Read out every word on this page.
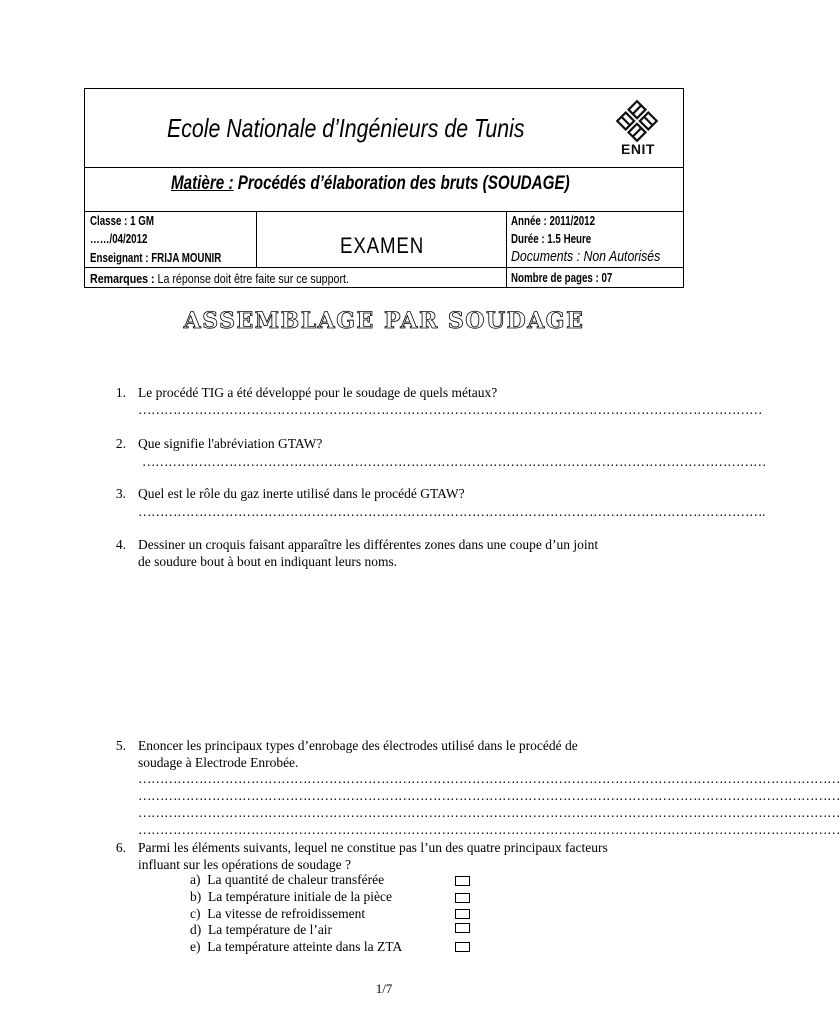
Ecole Nationale d’Ingénieurs de Tunis
ENIT
Matière : Procédés d’élaboration des bruts (SOUDAGE)
Classe : 1 GM
……/04/2012
Enseignant : FRIJA MOUNIR	EXAMEN
Année : 2011/2012
Durée : 1.5 Heure
Documents : Non Autorisés
Remarques : La réponse doit être faite sur ce support.	Nombre de pages : 07
ASSEMBLAGE PAR SOUDAGE
1. Le procédé TIG a été développé pour le soudage de quels métaux?
………………………………………………………………………………………………………………………………
2. Que signifie l'abréviation GTAW?
………………………………………………………………………………………………………………………………
3. Quel est le rôle du gaz inerte utilisé dans le procédé GTAW?
……………………………………………………………………………………………………………………………….
4. Dessiner un croquis faisant apparaître les différentes zones dans une coupe d’un joint
de soudure bout à bout en indiquant leurs noms.
5. Enoncer les principaux types d’enrobage des électrodes utilisé dans le procédé de
soudage à Electrode Enrobée.
………………………………………………………………………………………………………………………………………………
………………………………………………………………………………………………………………………………………………
………………………………………………………………………………………………………………………………………………
………………………………………………………………………………………………………………………………………………
6. Parmi les éléments suivants, lequel ne constitue pas l’un des quatre principaux facteurs
influant sur les opérations de soudage ?
a) La quantité de chaleur transférée
b) La température initiale de la pièce
c) La vitesse de refroidissement
d) La température de l’air
e) La température atteinte dans la ZTA
1/7
